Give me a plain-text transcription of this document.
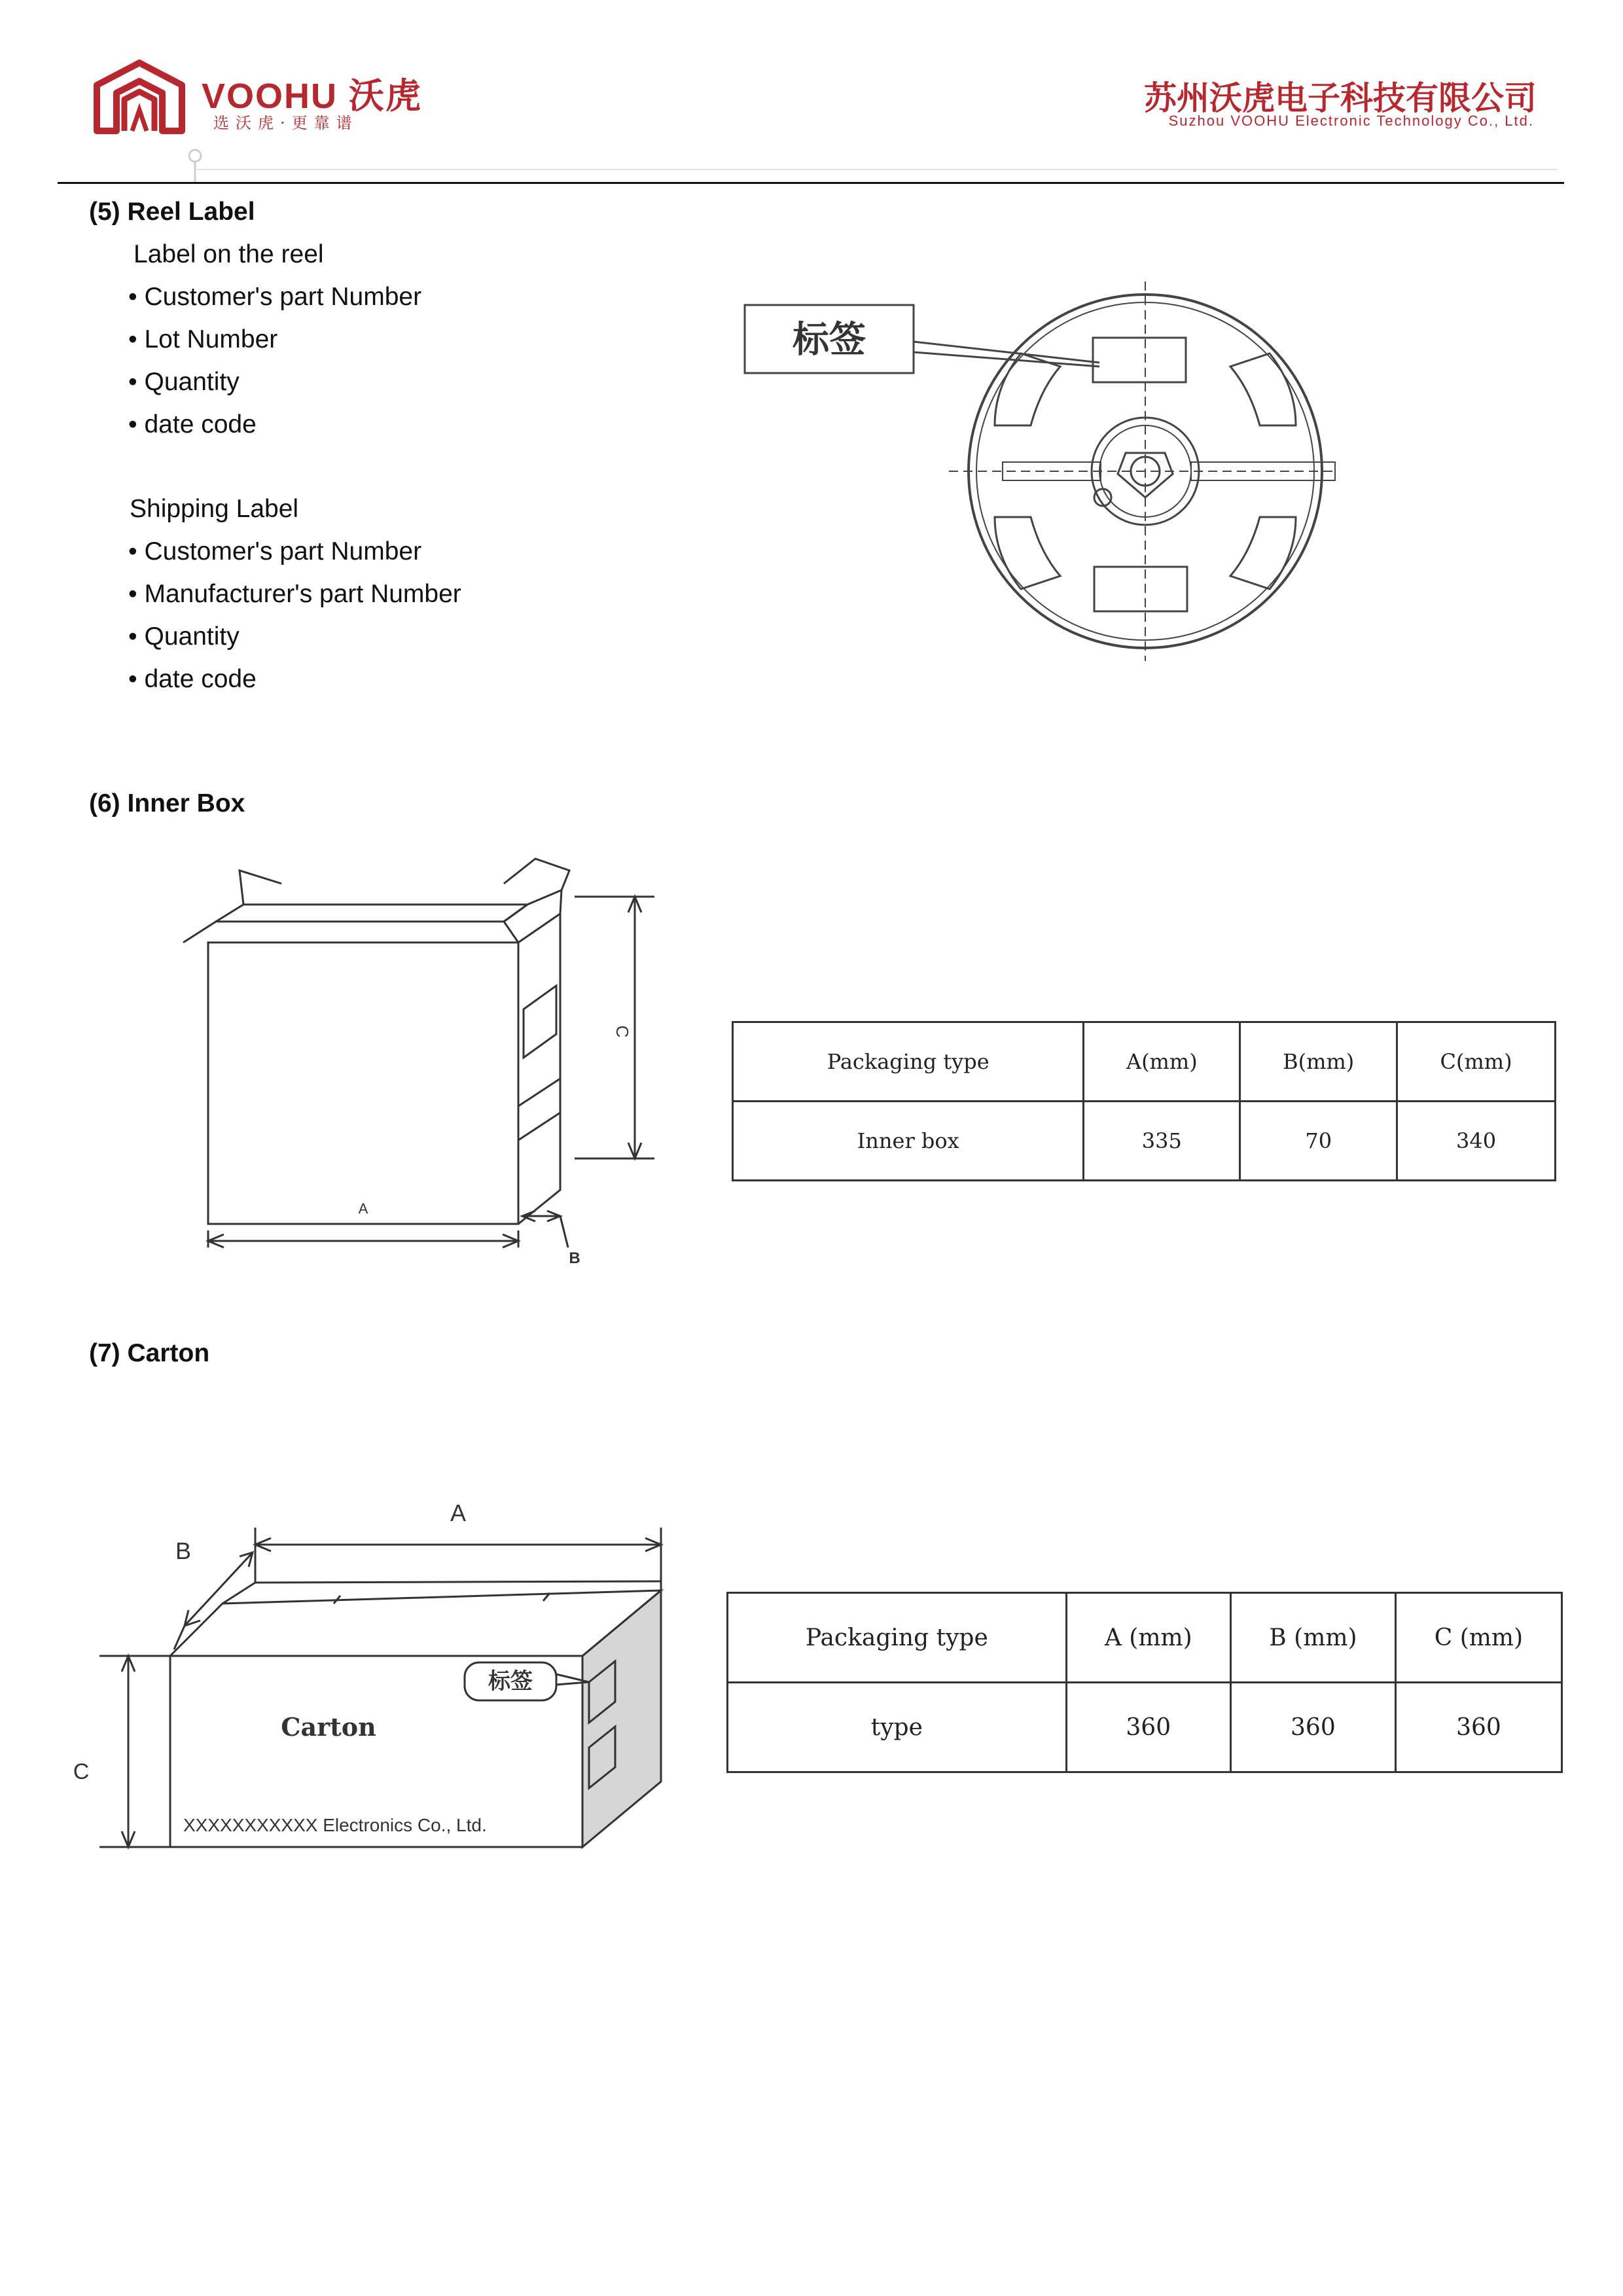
VOOHU 沃虎
选沃虎·更靠谱
苏州沃虎电子科技有限公司
Suzhou VOOHU Electronic Technology Co., Ltd.
(5) Reel Label
Label on the reel
• Customer's part Number
• Lot Number
• Quantity
• date code
Shipping Label
• Customer's part Number
• Manufacturer's part Number
• Quantity
• date code
标签
(6) Inner Box
A
B
C
Packaging type	A(mm)	B(mm)	C(mm)
Inner box	335	70	340
(7) Carton
A
B
C
Carton
XXXXXXXXXXX Electronics Co., Ltd.
标签
Packaging type	A (mm)	B (mm)	C (mm)
type	360	360	360
